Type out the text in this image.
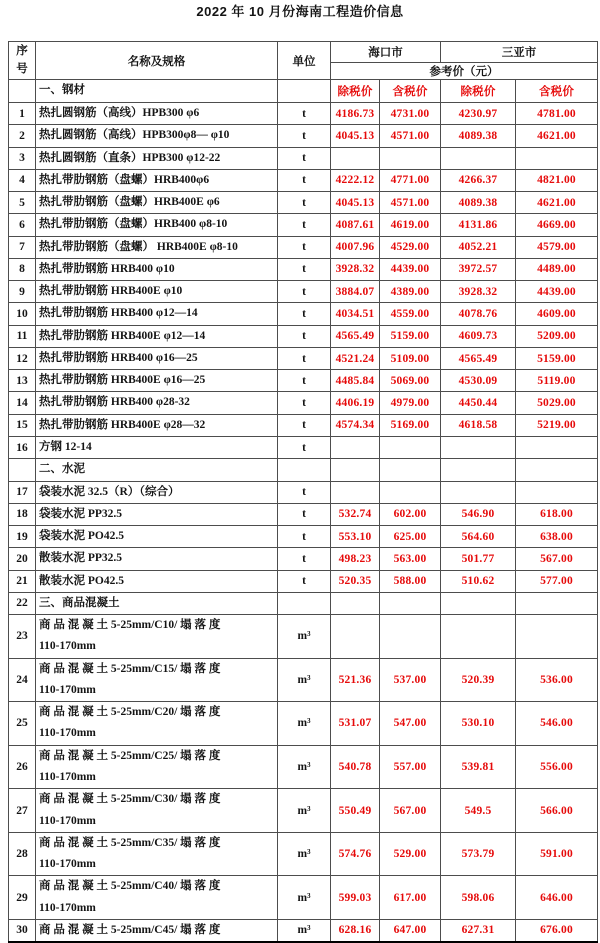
2022 年 10 月份海南工程造价信息
序
号	名称及规格	单位	海口市		三亚市	
			参考价（元）			
	一、钢材		除税价	含税价	除税价	含税价
1	热扎圆钢筋（高线）HPB300 φ6	t	4186.73	4731.00	4230.97	4781.00
2	热扎圆钢筋（高线）HPB300φ8— φ10	t	4045.13	4571.00	4089.38	4621.00
3	热扎圆钢筋（直条）HPB300 φ12-22	t				
4	热扎带肋钢筋（盘螺）HRB400φ6	t	4222.12	4771.00	4266.37	4821.00
5	热扎带肋钢筋（盘螺）HRB400E φ6	t	4045.13	4571.00	4089.38	4621.00
6	热扎带肋钢筋（盘螺）HRB400 φ8-10	t	4087.61	4619.00	4131.86	4669.00
7	热扎带肋钢筋（盘螺） HRB400E φ8-10	t	4007.96	4529.00	4052.21	4579.00
8	热扎带肋钢筋 HRB400 φ10	t	3928.32	4439.00	3972.57	4489.00
9	热扎带肋钢筋 HRB400E φ10	t	3884.07	4389.00	3928.32	4439.00
10	热扎带肋钢筋 HRB400 φ12—14	t	4034.51	4559.00	4078.76	4609.00
11	热扎带肋钢筋 HRB400E φ12—14	t	4565.49	5159.00	4609.73	5209.00
12	热扎带肋钢筋 HRB400 φ16—25	t	4521.24	5109.00	4565.49	5159.00
13	热扎带肋钢筋 HRB400E φ16—25	t	4485.84	5069.00	4530.09	5119.00
14	热扎带肋钢筋 HRB400 φ28-32	t	4406.19	4979.00	4450.44	5029.00
15	热扎带肋钢筋 HRB400E φ28—32	t	4574.34	5169.00	4618.58	5219.00
16	方钢 12-14	t				
	二、水泥					
17	袋装水泥 32.5（R）（综合）	t				
18	袋装水泥 PP32.5	t	532.74	602.00	546.90	618.00
19	袋装水泥 PO42.5	t	553.10	625.00	564.60	638.00
20	散装水泥 PP32.5	t	498.23	563.00	501.77	567.00
21	散装水泥 PO42.5	t	520.35	588.00	510.62	577.00
22	三、商品混凝土					
23	商 品 混 凝 土 5-25mm/C10/ 塌 落 度
110-170mm	m³				
24	商 品 混 凝 土 5-25mm/C15/ 塌 落 度
110-170mm	m³	521.36	537.00	520.39	536.00
25	商 品 混 凝 土 5-25mm/C20/ 塌 落 度
110-170mm	m³	531.07	547.00	530.10	546.00
26	商 品 混 凝 土 5-25mm/C25/ 塌 落 度
110-170mm	m³	540.78	557.00	539.81	556.00
27	商 品 混 凝 土 5-25mm/C30/ 塌 落 度
110-170mm	m³	550.49	567.00	549.5	566.00
28	商 品 混 凝 土 5-25mm/C35/ 塌 落 度
110-170mm	m³	574.76	529.00	573.79	591.00
29	商 品 混 凝 土 5-25mm/C40/ 塌 落 度
110-170mm	m³	599.03	617.00	598.06	646.00
30	商 品 混 凝 土 5-25mm/C45/ 塌 落 度	m³	628.16	647.00	627.31	676.00
